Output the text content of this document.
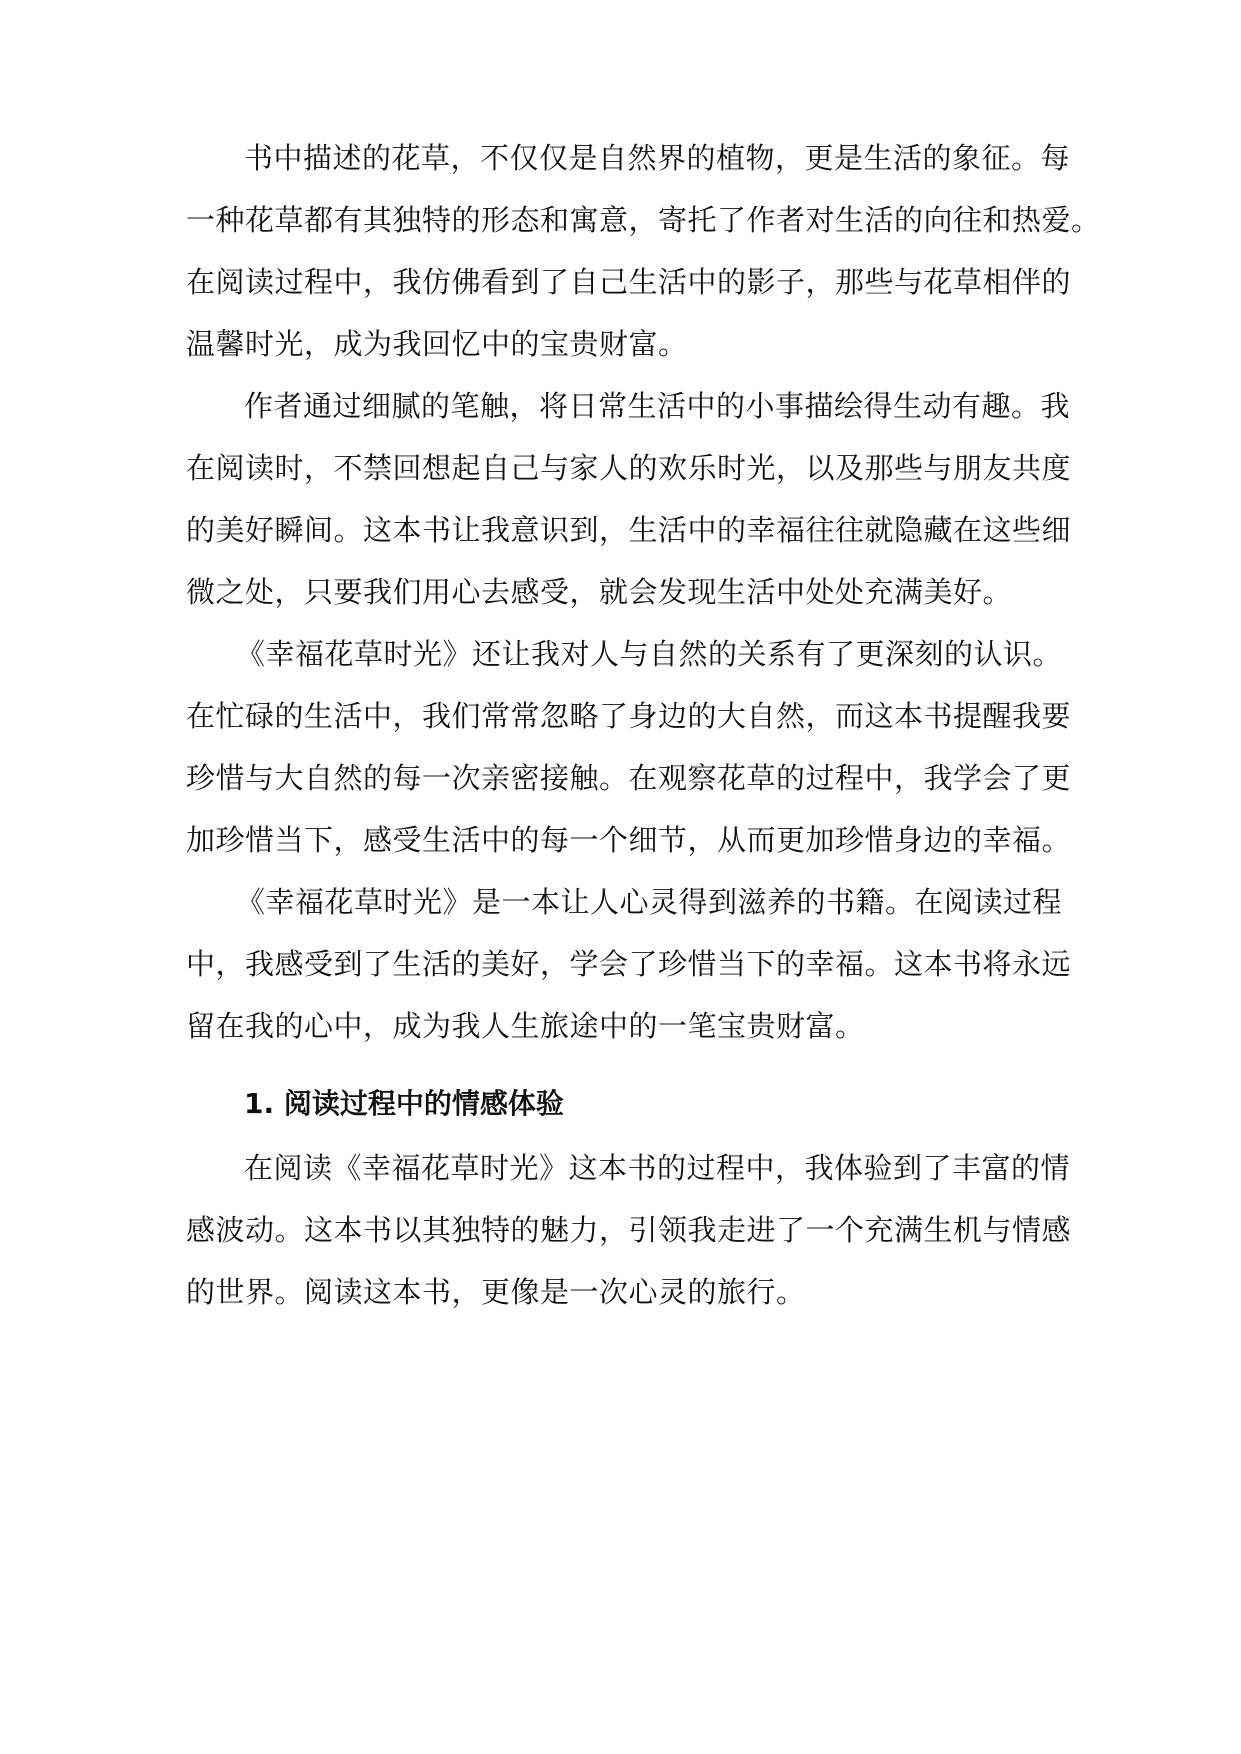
书中描述的花草，不仅仅是自然界的植物，更是生活的象征。每
一种花草都有其独特的形态和寓意，寄托了作者对生活的向往和热爱。
在阅读过程中，我仿佛看到了自己生活中的影子，那些与花草相伴的
温馨时光，成为我回忆中的宝贵财富。
作者通过细腻的笔触，将日常生活中的小事描绘得生动有趣。我
在阅读时，不禁回想起自己与家人的欢乐时光，以及那些与朋友共度
的美好瞬间。这本书让我意识到，生活中的幸福往往就隐藏在这些细
微之处，只要我们用心去感受，就会发现生活中处处充满美好。
《幸福花草时光》还让我对人与自然的关系有了更深刻的认识。
在忙碌的生活中，我们常常忽略了身边的大自然，而这本书提醒我要
珍惜与大自然的每一次亲密接触。在观察花草的过程中，我学会了更
加珍惜当下，感受生活中的每一个细节，从而更加珍惜身边的幸福。
《幸福花草时光》是一本让人心灵得到滋养的书籍。在阅读过程
中，我感受到了生活的美好，学会了珍惜当下的幸福。这本书将永远
留在我的心中，成为我人生旅途中的一笔宝贵财富。
1. 阅读过程中的情感体验
在阅读《幸福花草时光》这本书的过程中，我体验到了丰富的情
感波动。这本书以其独特的魅力，引领我走进了一个充满生机与情感
的世界。阅读这本书，更像是一次心灵的旅行。
